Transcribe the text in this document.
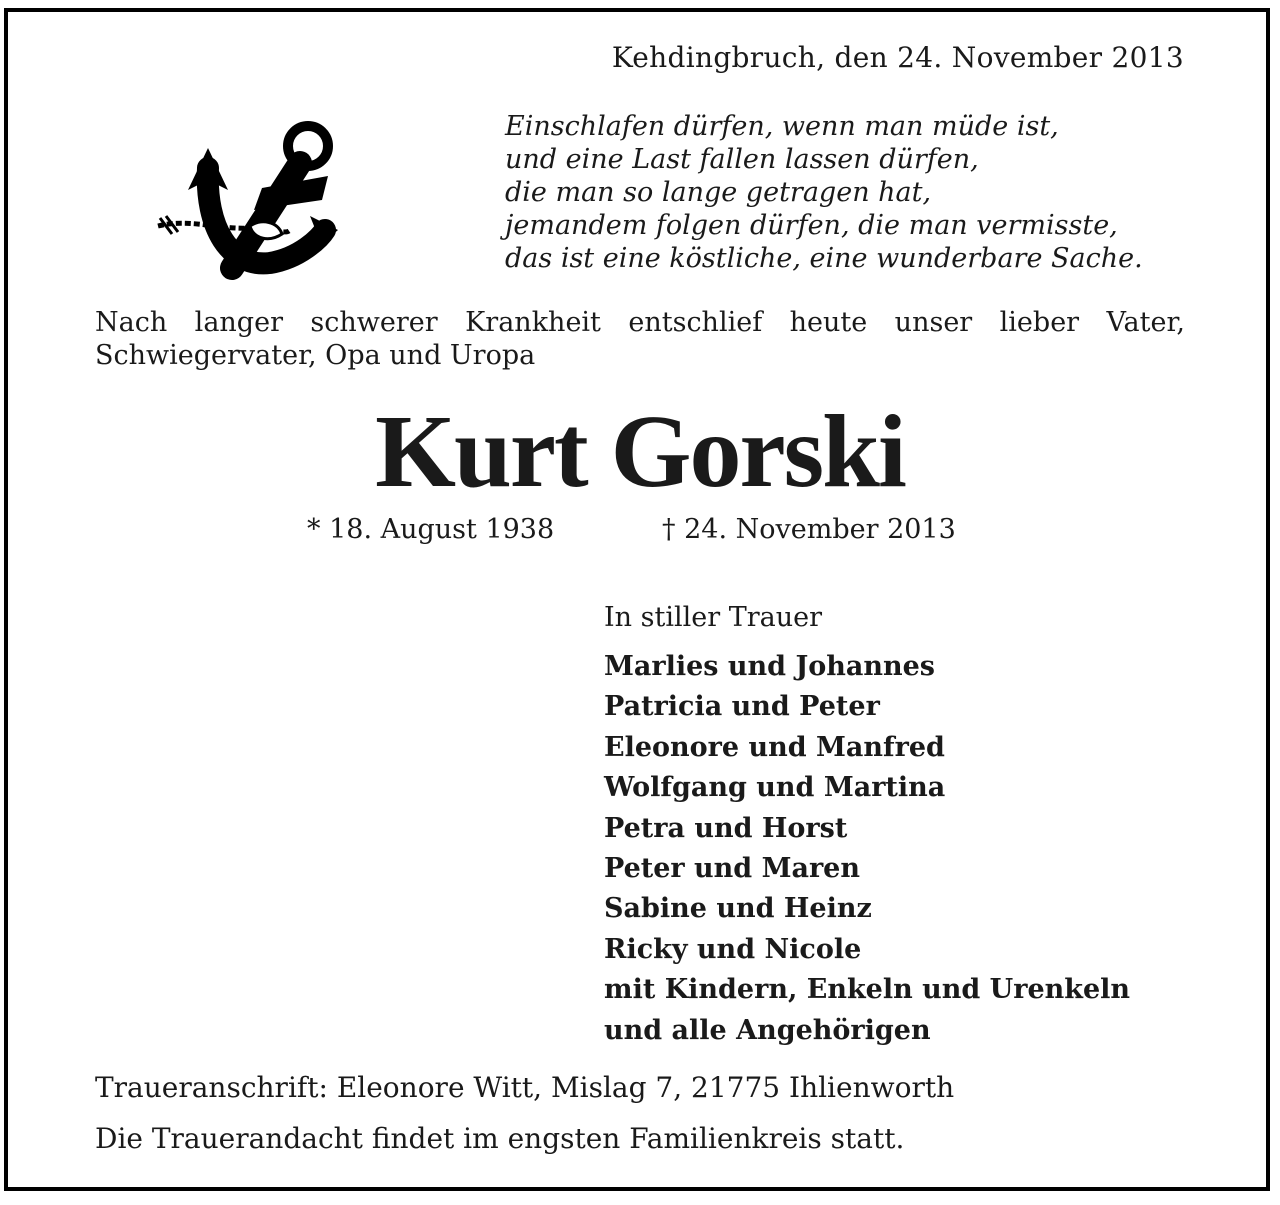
Kehdingbruch, den 24. November 2013
Einschlafen dürfen, wenn man müde ist,
und eine Last fallen lassen dürfen,
die man so lange getragen hat,
jemandem folgen dürfen, die man vermisste,
das ist eine köstliche, eine wunderbare Sache.
Nach langer schwerer Krankheit entschlief heute unser lieber Vater,
Schwiegervater, Opa und Uropa
Kurt Gorski
* 18. August 1938	† 24. November 2013
In stiller Trauer
Marlies und Johannes
Patricia und Peter
Eleonore und Manfred
Wolfgang und Martina
Petra und Horst
Peter und Maren
Sabine und Heinz
Ricky und Nicole
mit Kindern, Enkeln und Urenkeln
und alle Angehörigen
Traueranschrift: Eleonore Witt, Mislag 7, 21775 Ihlienworth
Die Trauerandacht findet im engsten Familienkreis statt.
